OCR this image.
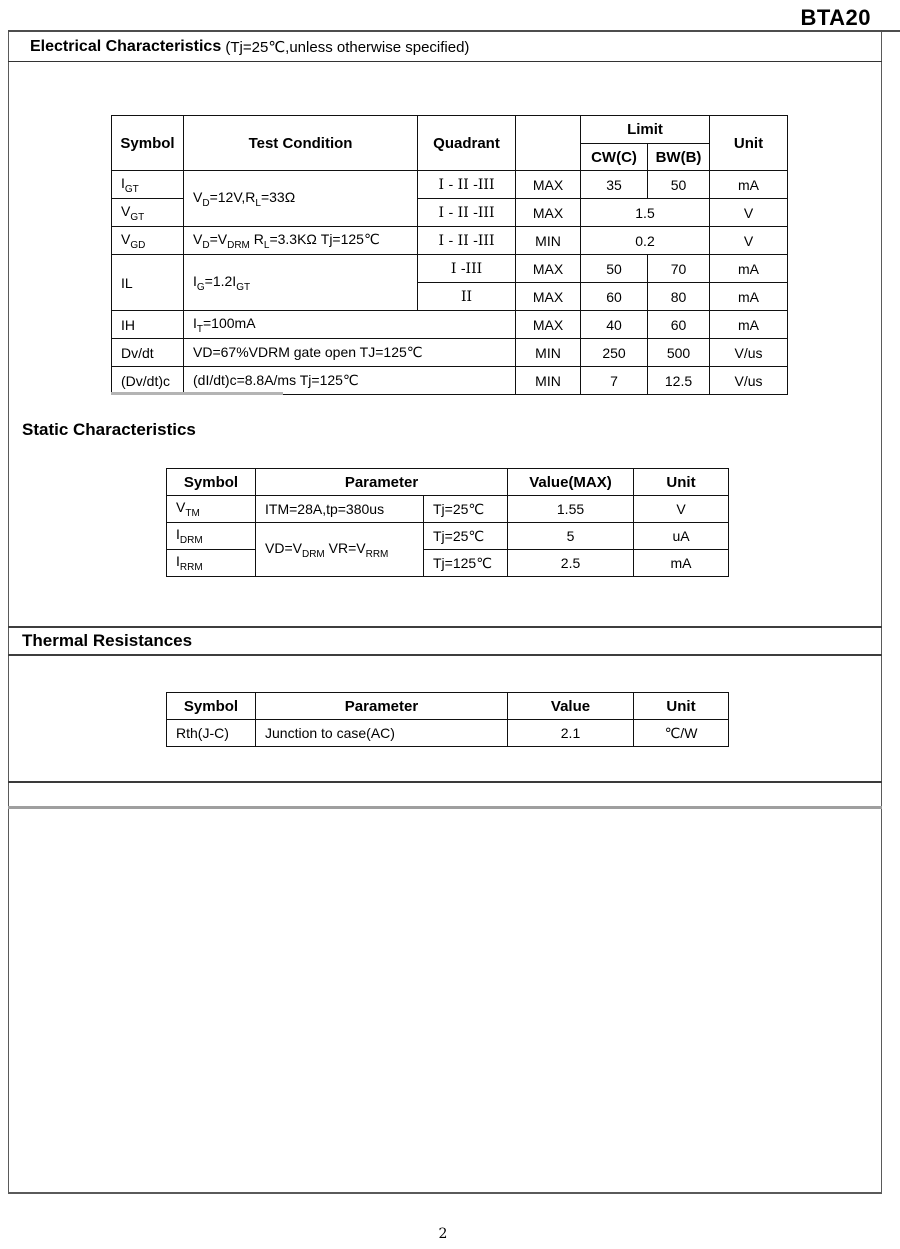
BTA20
Electrical Characteristics (Tj=25℃,unless otherwise specified)
Symbol	Test Condition	Quadrant		Limit		Unit
				CW(C)	BW(B)	
$I_{GT}$	$V_D=12V,R_L=33\Omega$	I - II -III	MAX	35	50	mA
$V_{GT}$		I - II -III	MAX	1.5		V
$V_{GD}$	$V_D=V_{DRM}$ $R_L=3.3K\Omega$ Tj=125℃	I - II -III	MIN	0.2		V
IL	$I_G=1.2I_{GT}$	I -III	MAX	50	70	mA
		II	MAX	60	80	mA
IH	$I_T=100mA$		MAX	40	60	mA
Dv/dt	VD=67%VDRM gate open TJ=125℃		MIN	250	500	V/us
(Dv/dt)c	(dI/dt)c=8.8A/ms Tj=125℃		MIN	7	12.5	V/us
Static Characteristics
Symbol	Parameter		Value(MAX)	Unit
$V_{TM}$	ITM=28A,tp=380us	Tj=25℃	1.55	V
$I_{DRM}$	$VD=V_{DRM}$ $VR=V_{RRM}$	Tj=25℃	5	uA
$I_{RRM}$		Tj=125℃	2.5	mA
Thermal Resistances
Symbol	Parameter	Value	Unit
Rth(J-C)	Junction to case(AC)	2.1	℃/W
2
